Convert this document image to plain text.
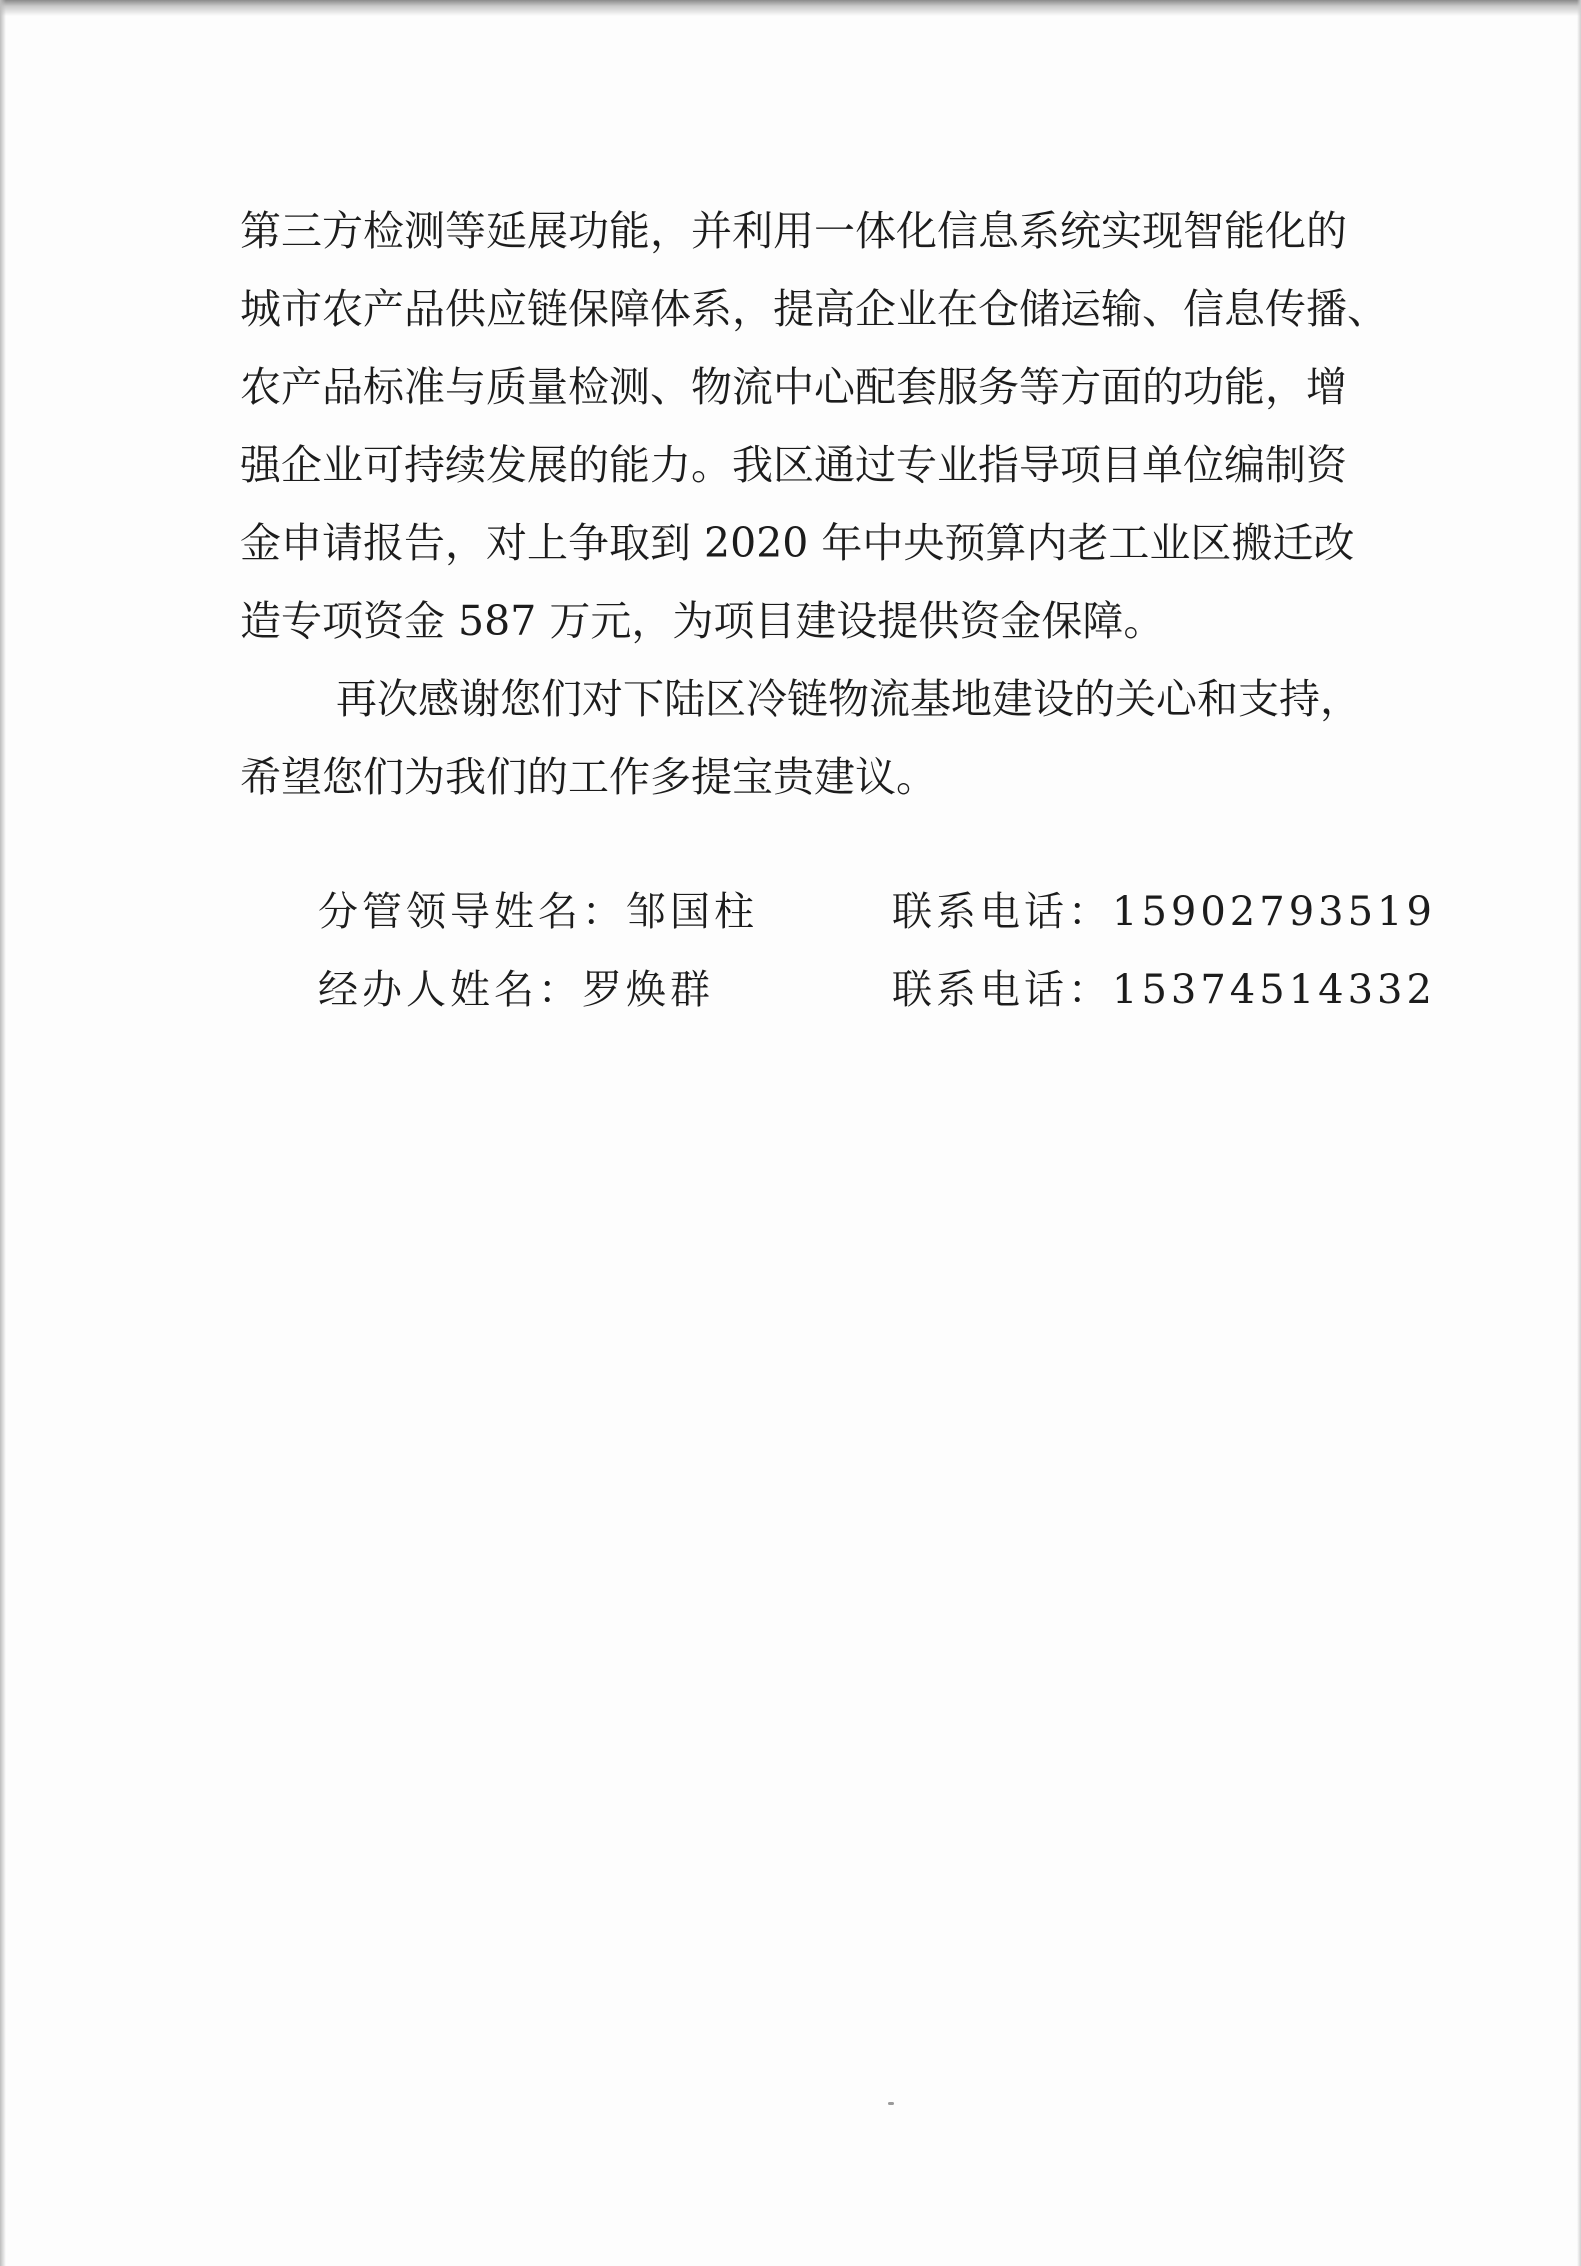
第三方检测等延展功能，并利用一体化信息系统实现智能化的
城市农产品供应链保障体系，提高企业在仓储运输、信息传播、
农产品标准与质量检测、物流中心配套服务等方面的功能，增
强企业可持续发展的能力。我区通过专业指导项目单位编制资
金申请报告，对上争取到 2020 年中央预算内老工业区搬迁改
造专项资金 587 万元，为项目建设提供资金保障。
再次感谢您们对下陆区冷链物流基地建设的关心和支持，
希望您们为我们的工作多提宝贵建议。
分管领导姓名：邹国柱	联系电话：15902793519
经办人姓名：罗焕群	联系电话：15374514332
